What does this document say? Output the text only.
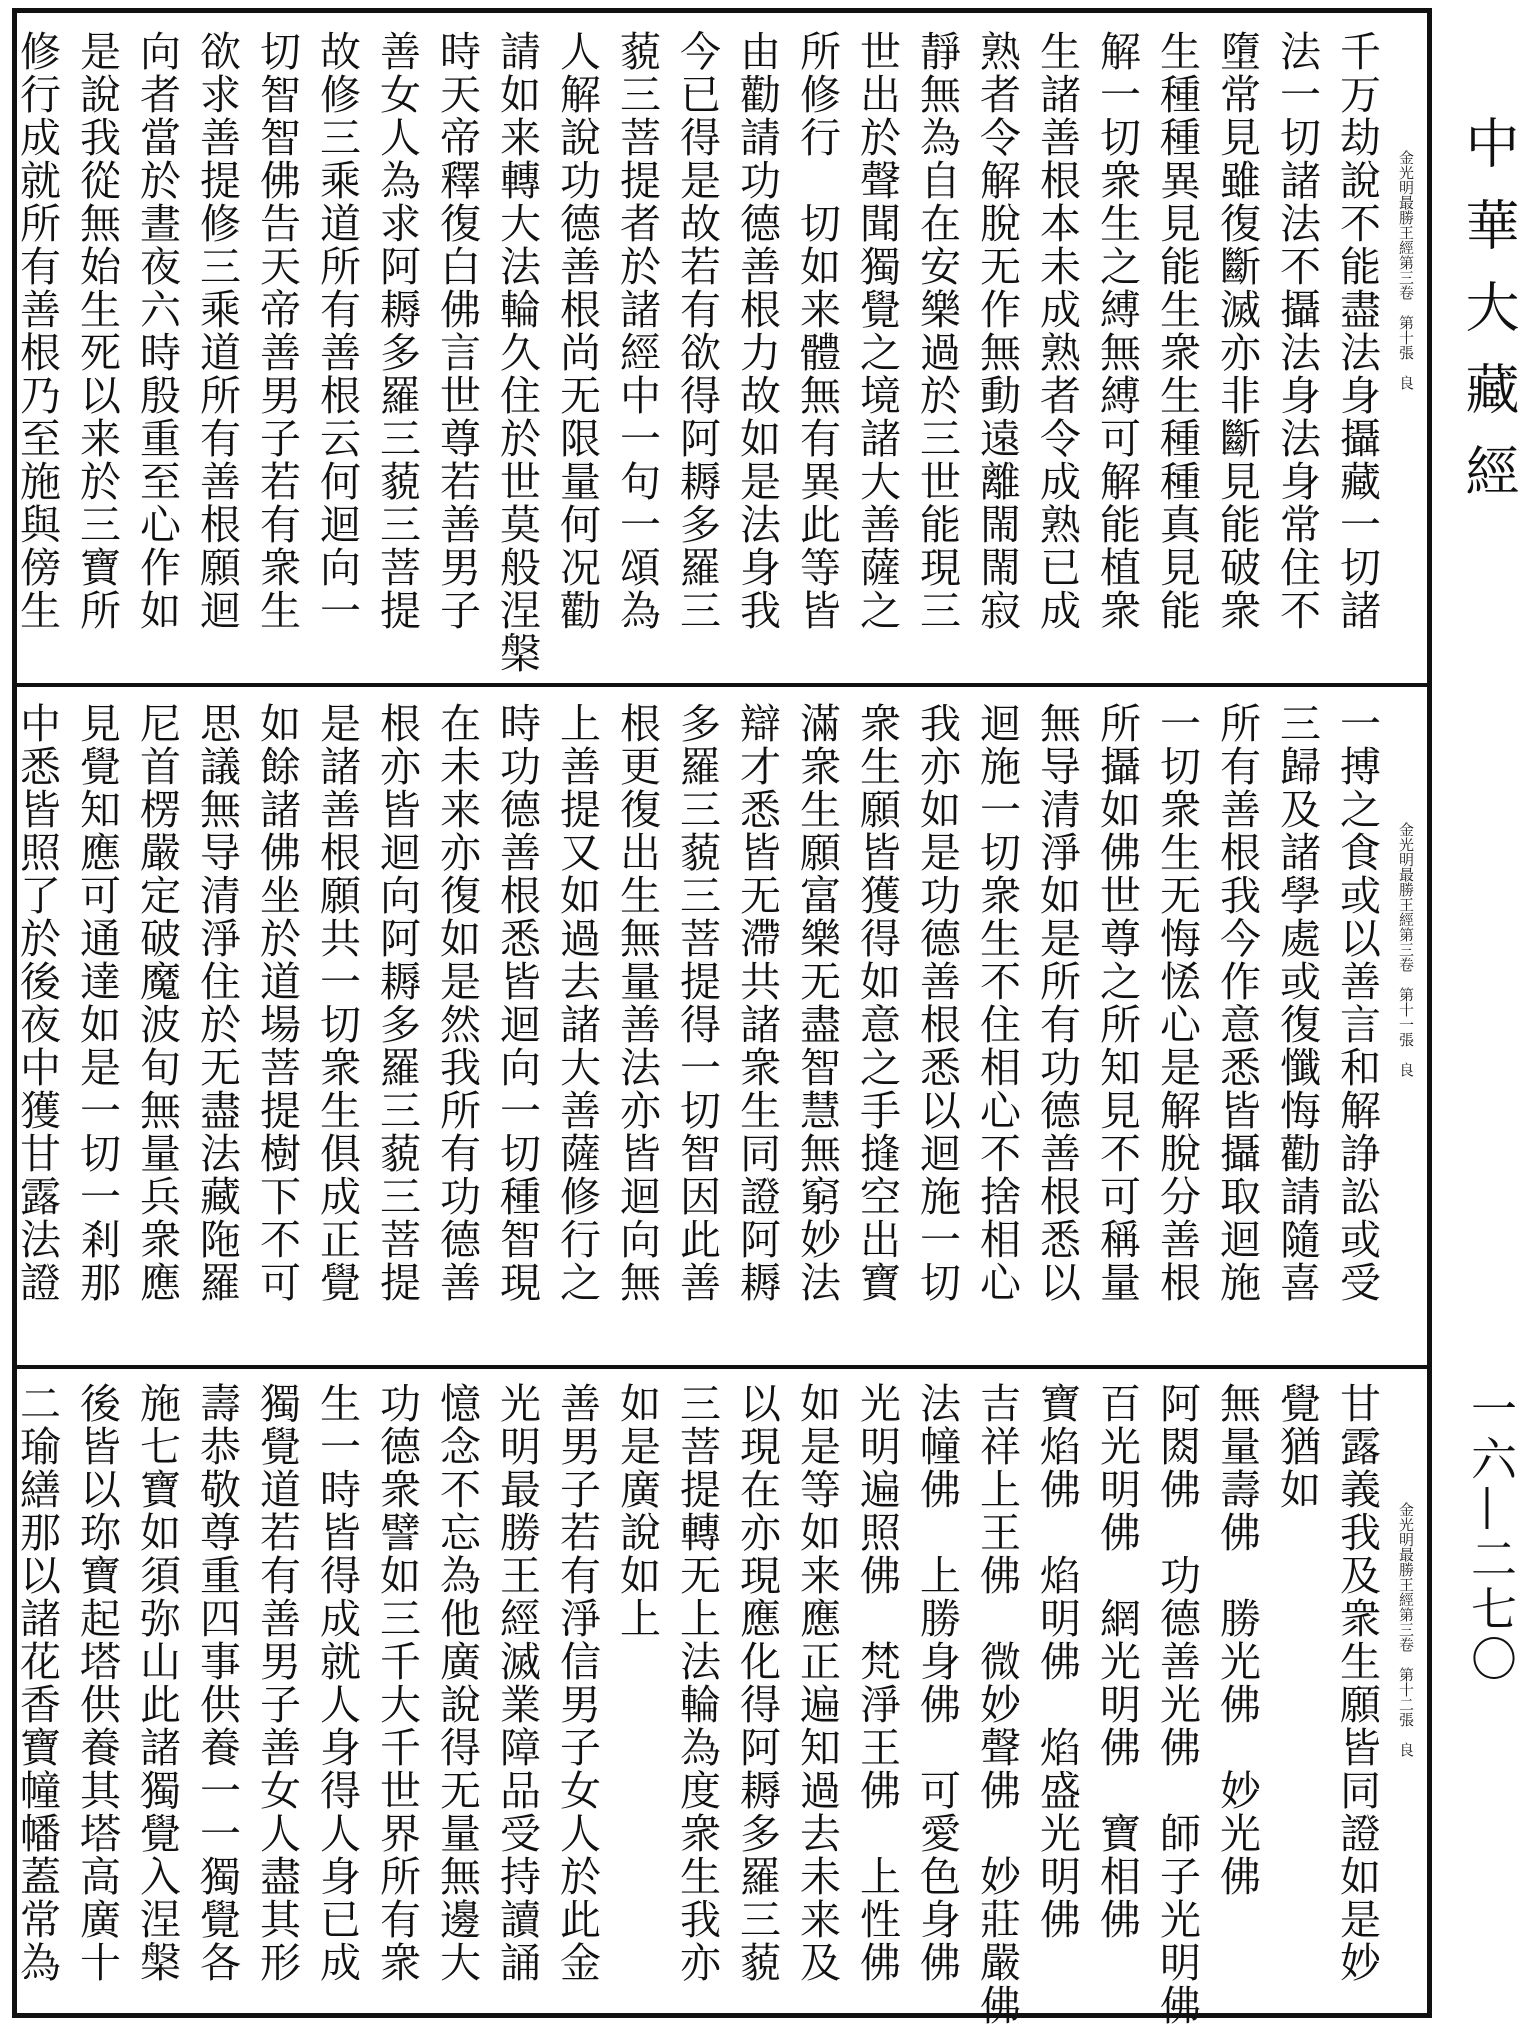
金光明最勝王經第三卷　第十張　良
千万劫說不能盡法身攝藏一切諸
法一切諸法不攝法身法身常住不
墮常見雖復斷滅亦非斷見能破衆
生種種異見能生衆生種種真見能
解一切衆生之縛無縛可解能植衆
生諸善根本未成熟者令成熟已成
熟者令解脫无作無動遠離閙閙寂
靜無為自在安樂過於三世能現三
世出於聲聞獨覺之境諸大善薩之
所修行　切如来體無有異此等皆
由勸請功德善根力故如是法身我
今已得是故若有欲得阿耨多羅三
藐三菩提者於諸經中一句一頌為
人解說功德善根尚无限量何况勸
請如来轉大法輪久住於世莫般涅槃
時天帝釋復白佛言世尊若善男子
善女人為求阿耨多羅三藐三菩提
故修三乘道所有善根云何迴向一
切智智佛告天帝善男子若有衆生
欲求善提修三乘道所有善根願迴
向者當於晝夜六時殷重至心作如
是說我從無始生死以来於三寶所
修行成就所有善根乃至施與傍生
金光明最勝王經第三卷　第十一張　良
一搏之食或以善言和解諍訟或受
三歸及諸學處或復懺悔勸請隨喜
所有善根我今作意悉皆攝取迴施
一切衆生无悔恡心是解脫分善根
所攝如佛世尊之所知見不可稱量
無导清淨如是所有功德善根悉以
迴施一切衆生不住相心不捨相心
我亦如是功德善根悉以迴施一切
衆生願皆獲得如意之手摓空出寶
滿衆生願富樂无盡智慧無窮妙法
辯才悉皆无滯共諸衆生同證阿耨
多羅三藐三菩提得一切智因此善
根更復出生無量善法亦皆迴向無
上善提又如過去諸大善薩修行之
時功德善根悉皆迴向一切種智現
在未来亦復如是然我所有功德善
根亦皆迴向阿耨多羅三藐三菩提
是諸善根願共一切衆生俱成正覺
如餘諸佛坐於道場菩提樹下不可
思議無导清淨住於无盡法藏陁羅
尼首楞嚴定破魔波旬無量兵衆應
見覺知應可通達如是一切一剎那
中悉皆照了於後夜中獲甘露法證
金光明最勝王經第三卷　第十二張　良
甘露義我及衆生願皆同證如是妙
覺猶如
無量壽佛　勝光佛　妙光佛
阿閦佛　功德善光佛　師子光明佛
百光明佛　網光明佛　寶相佛
寶焰佛　焰明佛　焰盛光明佛
吉祥上王佛　微妙聲佛　妙莊嚴佛
法幢佛　上勝身佛　可愛色身佛
光明遍照佛　梵淨王佛　上性佛
如是等如来應正遍知過去未来及
以現在亦現應化得阿耨多羅三藐
三菩提轉无上法輪為度衆生我亦
如是廣說如上
善男子若有淨信男子女人於此金
光明最勝王經滅業障品受持讀誦
憶念不忘為他廣說得无量無邊大
功德衆譬如三千大千世界所有衆
生一時皆得成就人身得人身已成
獨覺道若有善男子善女人盡其形
壽恭敬尊重四事供養一一獨覺各
施七寶如須弥山此諸獨覺入涅槃
後皆以珎寶起塔供養其塔高廣十
二瑜繕那以諸花香寶幢幡蓋常為
中華大藏經
一六—二七〇
